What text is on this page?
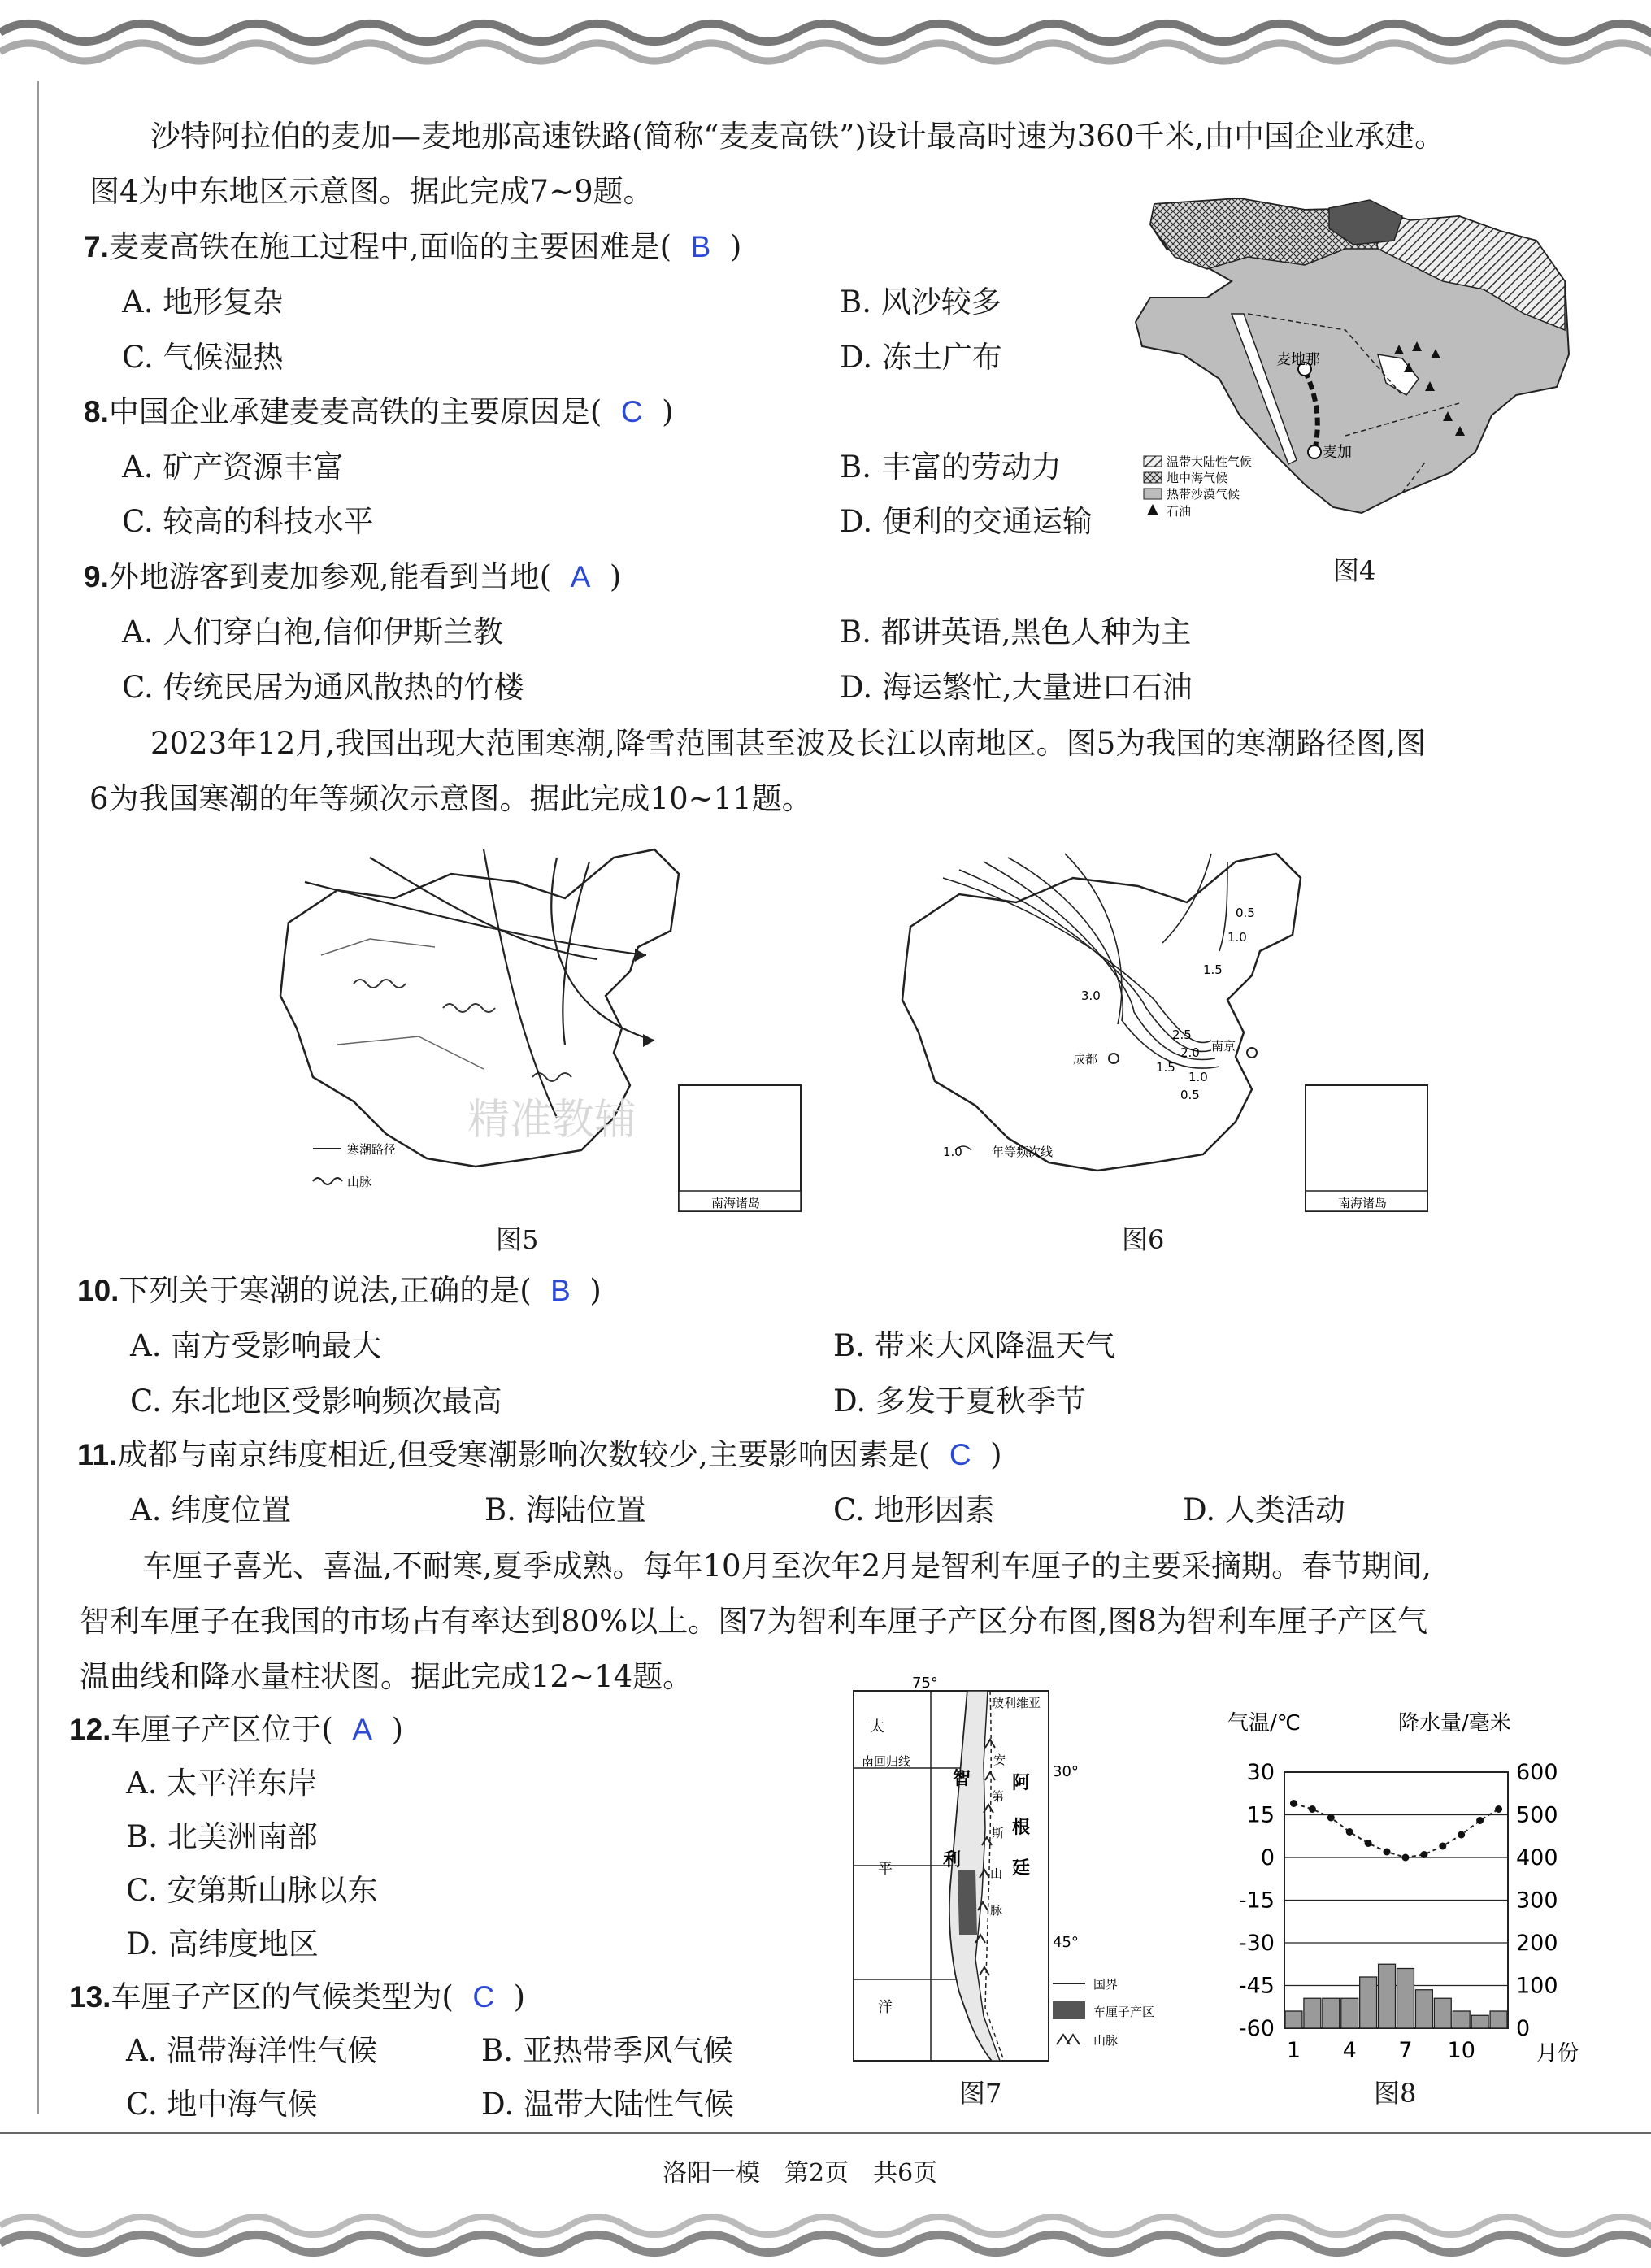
沙特阿拉伯的麦加—麦地那高速铁路(简称“麦麦高铁”)设计最高时速为360千米,由中国企业承建。
图4为中东地区示意图。据此完成7~9题。
7.麦麦高铁在施工过程中,面临的主要困难是( B )
A. 地形复杂	B. 风沙较多
C. 气候湿热	D. 冻土广布
8.中国企业承建麦麦高铁的主要原因是( C )
A. 矿产资源丰富	B. 丰富的劳动力
C. 较高的科技水平	D. 便利的交通运输
9.外地游客到麦加参观,能看到当地( A )
A. 人们穿白袍,信仰伊斯兰教	B. 都讲英语,黑色人种为主
C. 传统民居为通风散热的竹楼	D. 海运繁忙,大量进口石油
麦地那
麦加
温带大陆性气候
地中海气候
热带沙漠气候
石油
图4
2023年12月,我国出现大范围寒潮,降雪范围甚至波及长江以南地区。图5为我国的寒潮路径图,图
6为我国寒潮的年等频次示意图。据此完成10~11题。
南海诸岛
寒潮路径
山脉
精准教辅
图5
0.5
1.0
1.5
3.0
2.5
2.0
1.5
1.0
0.5
成都
南京
南海诸岛
1.0 年等频次线
图6
10.下列关于寒潮的说法,正确的是( B )
A. 南方受影响最大	B. 带来大风降温天气
C. 东北地区受影响频次最高	D. 多发于夏秋季节
11.成都与南京纬度相近,但受寒潮影响次数较少,主要影响因素是( C )
A. 纬度位置	B. 海陆位置	C. 地形因素	D. 人类活动
车厘子喜光、喜温,不耐寒,夏季成熟。每年10月至次年2月是智利车厘子的主要采摘期。春节期间,
智利车厘子在我国的市场占有率达到80%以上。图7为智利车厘子产区分布图,图8为智利车厘子产区气
温曲线和降水量柱状图。据此完成12~14题。
12.车厘子产区位于( A )
A. 太平洋东岸
B. 北美洲南部
C. 安第斯山脉以东
D. 高纬度地区
13.车厘子产区的气候类型为( C )
A. 温带海洋性气候	B. 亚热带季风气候
C. 地中海气候	D. 温带大陆性气候
75°
南回归线
太
平
洋
智
利
阿
根
廷
安
第
斯
山
脉
玻利维亚
30°
45°
国界
车厘子产区
山脉
图7
气温/℃	降水量/毫米
30
15
0
-15
-30
-45
-60
600
500
400
300
200
100
0
1 4 7 10	月份
图8
洛阳一模　第2页　共6页
